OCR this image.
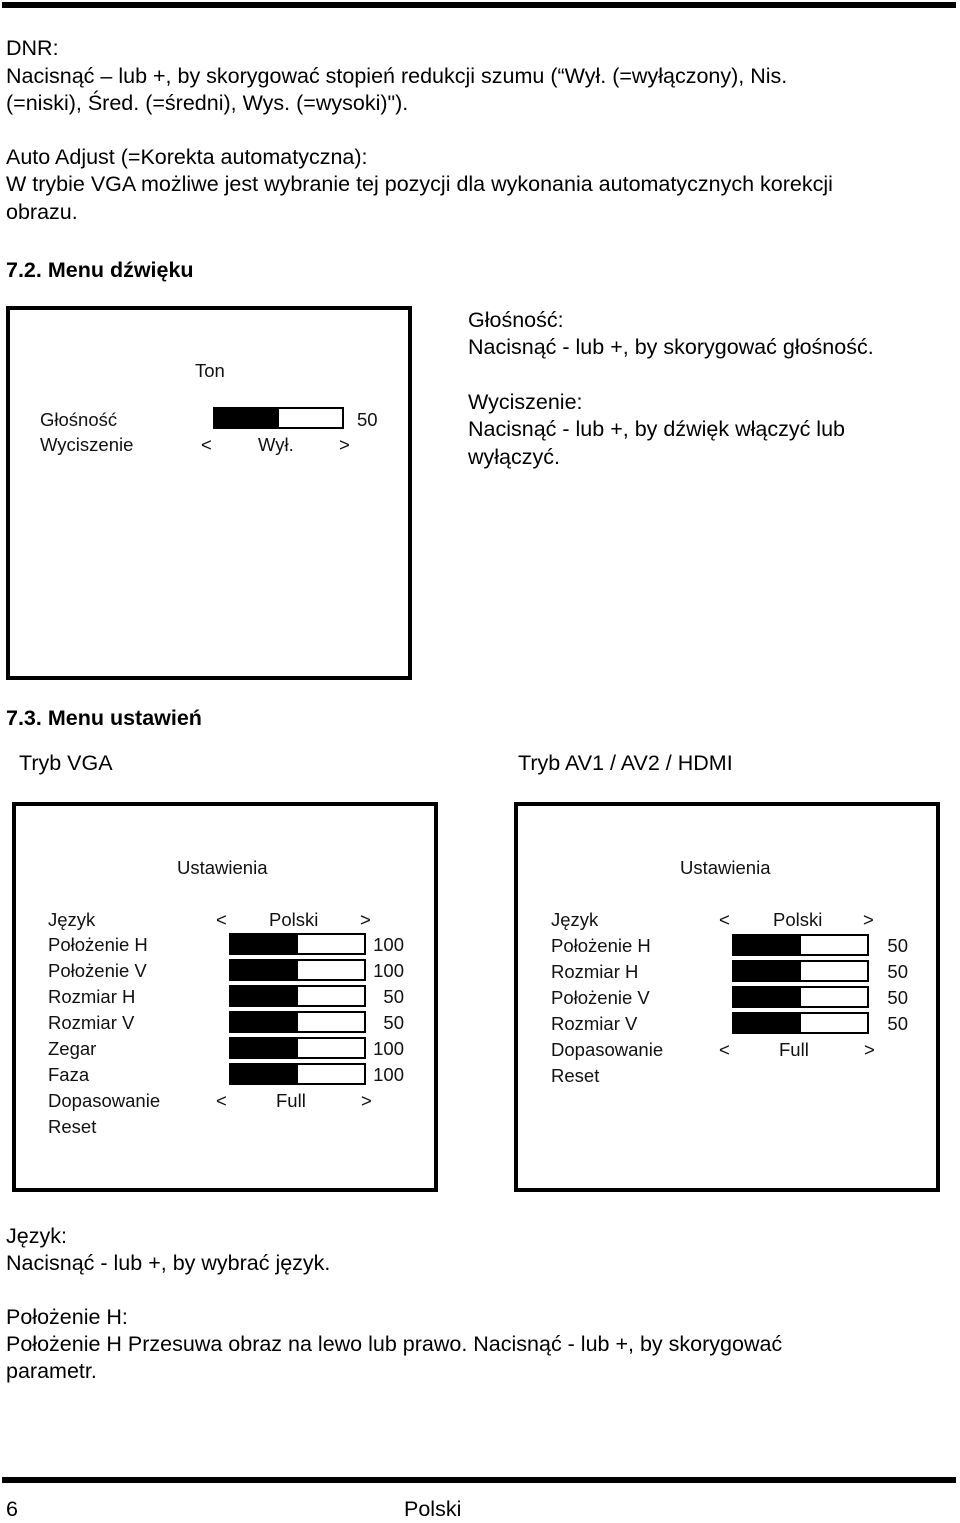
DNR:
Nacisnąć – lub +, by skorygować stopień redukcji szumu (“Wył. (=wyłączony), Nis.
(=niski), Śred. (=średni), Wys. (=wysoki)").
Auto Adjust (=Korekta automatyczna):
W trybie VGA możliwe jest wybranie tej pozycji dla wykonania automatycznych korekcji
obrazu.
7.2. Menu dźwięku
Ton
Głośność	50
Wyciszenie	< Wył. >
Głośność:
Nacisnąć - lub +, by skorygować głośność.
Wyciszenie:
Nacisnąć - lub +, by dźwięk włączyć lub
wyłączyć.
7.3. Menu ustawień
Tryb VGA	Tryb AV1 / AV2 / HDMI
Ustawienia
Język	< Polski >
Położenie H	100
Położenie V	100
Rozmiar H	50
Rozmiar V	50
Zegar	100
Faza	100
Dopasowanie	<	Full	>
Reset
Ustawienia
Język	< Polski >
Położenie H	50
Rozmiar H	50
Położenie V	50
Rozmiar V	50
Dopasowanie	<	Full	>
Reset
Język:
Nacisnąć - lub +, by wybrać język.
Położenie H:
Położenie H Przesuwa obraz na lewo lub prawo. Nacisnąć - lub +, by skorygować
parametr.
6	Polski
